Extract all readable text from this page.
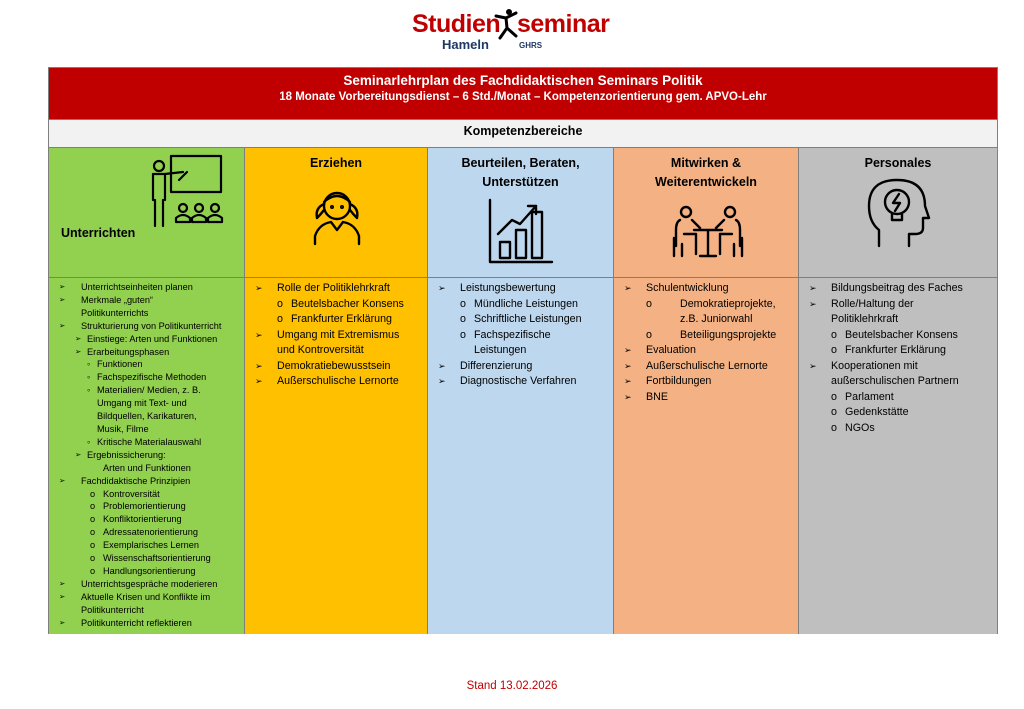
Studien seminar
Hameln	GHRS
Seminarlehrplan des Fachdidaktischen Seminars Politik
18 Monate Vorbereitungsdienst – 6 Std./Monat – Kompetenzorientierung gem. APVO-Lehr
Kompetenzbereiche
Unterrichten
➢ Unterrichtseinheiten planen
➢ Merkmale „guten“
Politikunterrichts
➢ Strukturierung von Politikunterricht
➢ Einstiege: Arten und Funktionen
➢ Erarbeitungsphasen
◦ Funktionen
◦ Fachspezifische Methoden
◦ Materialien/ Medien, z. B.
Umgang mit Text- und
Bildquellen, Karikaturen,
Musik, Filme
◦ Kritische Materialauswahl
➢ Ergebnissicherung:
Arten und Funktionen
➢ Fachdidaktische Prinzipien
o Kontroversität
o Problemorientierung
o Konfliktorientierung
o Adressatenorientierung
o Exemplarisches Lernen
o Wissenschaftsorientierung
o Handlungsorientierung
➢ Unterrichtsgespräche moderieren
➢ Aktuelle Krisen und Konflikte im
Politikunterricht
➢ Politikunterricht reflektieren
Erziehen
➢ Rolle der Politiklehrkraft
o Beutelsbacher Konsens
o Frankfurter Erklärung
➢ Umgang mit Extremismus
und Kontroversität
➢ Demokratiebewusstsein
➢ Außerschulische Lernorte
Beurteilen, Beraten,
Unterstützen
➢ Leistungsbewertung
o Mündliche Leistungen
o Schriftliche Leistungen
o Fachspezifische
Leistungen
➢ Differenzierung
➢ Diagnostische Verfahren
Mitwirken &
Weiterentwickeln
➢ Schulentwicklung
o Demokratieprojekte,
z.B. Juniorwahl
o Beteiligungsprojekte
➢ Evaluation
➢ Außerschulische Lernorte
➢ Fortbildungen
➢ BNE
Personales
➢ Bildungsbeitrag des Faches
➢ Rolle/Haltung der
Politiklehrkraft
o Beutelsbacher Konsens
o Frankfurter Erklärung
➢ Kooperationen mit
außerschulischen Partnern
o Parlament
o Gedenkstätte
o NGOs
Stand 13.02.2026
